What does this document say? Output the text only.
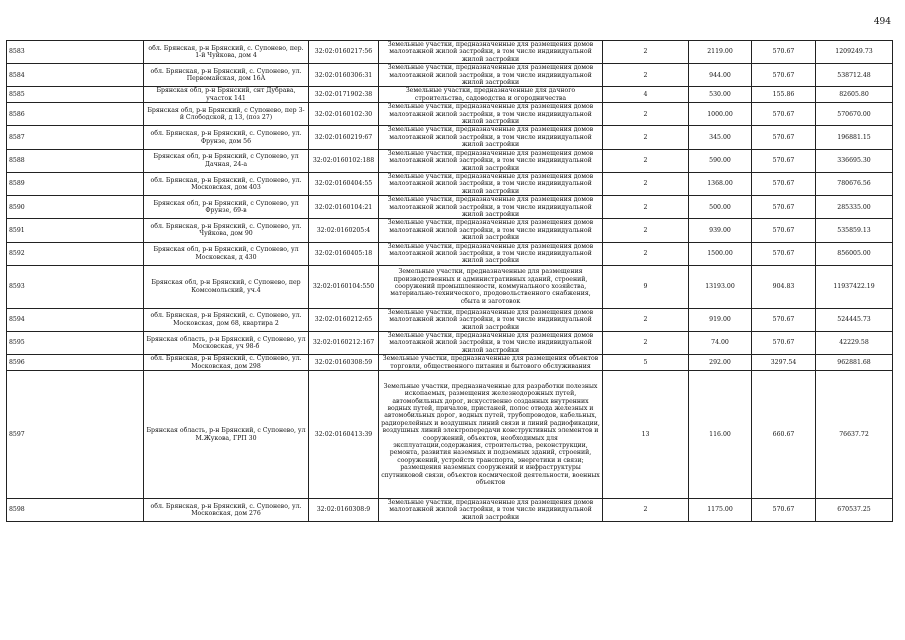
494
8583	обл. Брянская, р-н Брянский, с. Супонево, пер. 1-й Чуйкова, дом 4	32:02:0160217:56	Земельные участки, предназначенные для размещения домов малоэтажной жилой застройки, в том числе индивидуальной жилой застройки	2	2119.00	570.67	1209249.73
8584	обл. Брянская, р-н Брянский, с. Супонево, ул. Первомайская, дом 16А	32:02:0160306:31	Земельные участки, предназначенные для размещения домов малоэтажной жилой застройки, в том числе индивидуальной жилой застройки	2	944.00	570.67	538712.48
8585	Брянская обл, р-н Брянский, снт Дубрава, участок 141	32:02:0171902:38	Земельные участки, предназначенные для дачного строительства, садоводства и огородничества	4	530.00	155.86	82605.80
8586	Брянская обл, р-н Брянский, с Супонево, пер 3-й Слободской, д 13, (поз 27)	32:02:0160102:30	Земельные участки, предназначенные для размещения домов малоэтажной жилой застройки, в том числе индивидуальной жилой застройки	2	1000.00	570.67	570670.00
8587	обл. Брянская, р-н Брянский, с. Супонево, ул. Фрунзе, дом 56	32:02:0160219:67	Земельные участки, предназначенные для размещения домов малоэтажной жилой застройки, в том числе индивидуальной жилой застройки	2	345.00	570.67	196881.15
8588	Брянская обл, р-н Брянский, с Супонево, ул Дачная, 24-а	32:02:0160102:188	Земельные участки, предназначенные для размещения домов малоэтажной жилой застройки, в том числе индивидуальной жилой застройки	2	590.00	570.67	336695.30
8589	обл. Брянская, р-н Брянский, с. Супонево, ул. Московская, дом 403	32:02:0160404:55	Земельные участки, предназначенные для размещения домов малоэтажной жилой застройки, в том числе индивидуальной жилой застройки	2	1368.00	570.67	780676.56
8590	Брянская обл, р-н Брянский, с Супонево, ул Фрунзе, 69-в	32:02:0160104:21	Земельные участки, предназначенные для размещения домов малоэтажной жилой застройки, в том числе индивидуальной жилой застройки	2	500.00	570.67	285335.00
8591	обл. Брянская, р-н Брянский, с. Супонево, ул. Чуйкова, дом 90	32:02:0160205:4	Земельные участки, предназначенные для размещения домов малоэтажной жилой застройки, в том числе индивидуальной жилой застройки	2	939.00	570.67	535859.13
8592	Брянская обл, р-н Брянский, с Супонево, ул Московская, д 430	32:02:0160405:18	Земельные участки, предназначенные для размещения домов малоэтажной жилой застройки, в том числе индивидуальной жилой застройки	2	1500.00	570.67	856005.00
8593	Брянская обл, р-н Брянский, с Супонево, пер Комсомольский, уч.4	32:02:0160104:550	Земельные участки, предназначенные для размещения производственных и административных зданий, строений, сооружений промышленности, коммунального хозяйства, материально-технического, продовольственного снабжения, сбыта и заготовок	9	13193.00	904.83	11937422.19
8594	обл. Брянская, р-н Брянский, с. Супонево, ул. Московская, дом 68, квартира 2	32:02:0160212:65	Земельные участки, предназначенные для размещения домов малоэтажной жилой застройки, в том числе индивидуальной жилой застройки	2	919.00	570.67	524445.73
8595	Брянская область, р-н Брянский, с Супонево, ул Московская, уч 98-б	32:02:0160212:167	Земельные участки, предназначенные для размещения домов малоэтажной жилой застройки, в том числе индивидуальной жилой застройки	2	74.00	570.67	42229.58
8596	обл. Брянская, р-н Брянский, с. Супонево, ул. Московская, дом 298	32:02:0160308:59	Земельные участки, предназначенные для размещения объектов торговли, общественного питания и бытового обслуживания	5	292.00	3297.54	962881.68
8597	Брянская область, р-н Брянский, с Супонево, ул М.Жукова, ГРП 30	32:02:0160413:39	Земельные участки, предназначенные для разработки полезных ископаемых, размещения железнодорожных путей, автомобильных дорог, искусственно созданных внутренних водных путей, причалов, пристаней, полос отвода железных и автомобильных дорог, водных путей, трубопроводов, кабельных, радиорелейных и воздушных линий связи и линий радиофикации, воздушных линий электропередачи конструктивных элементов и сооружений, объектов, необходимых для эксплуатации,содержания, строительства, реконструкции, ремонта, развития наземных и подземных зданий, строений, сооружений, устройств транспорта, энергетики и связи; размещения наземных сооружений и инфраструктуры спутниковой связи, объектов космической деятельности, военных объектов	13	116.00	660.67	76637.72
8598	обл. Брянская, р-н Брянский, с. Супонево, ул. Московская, дом 276	32:02:0160308:9	Земельные участки, предназначенные для размещения домов малоэтажной жилой застройки, в том числе индивидуальной жилой застройки	2	1175.00	570.67	670537.25
